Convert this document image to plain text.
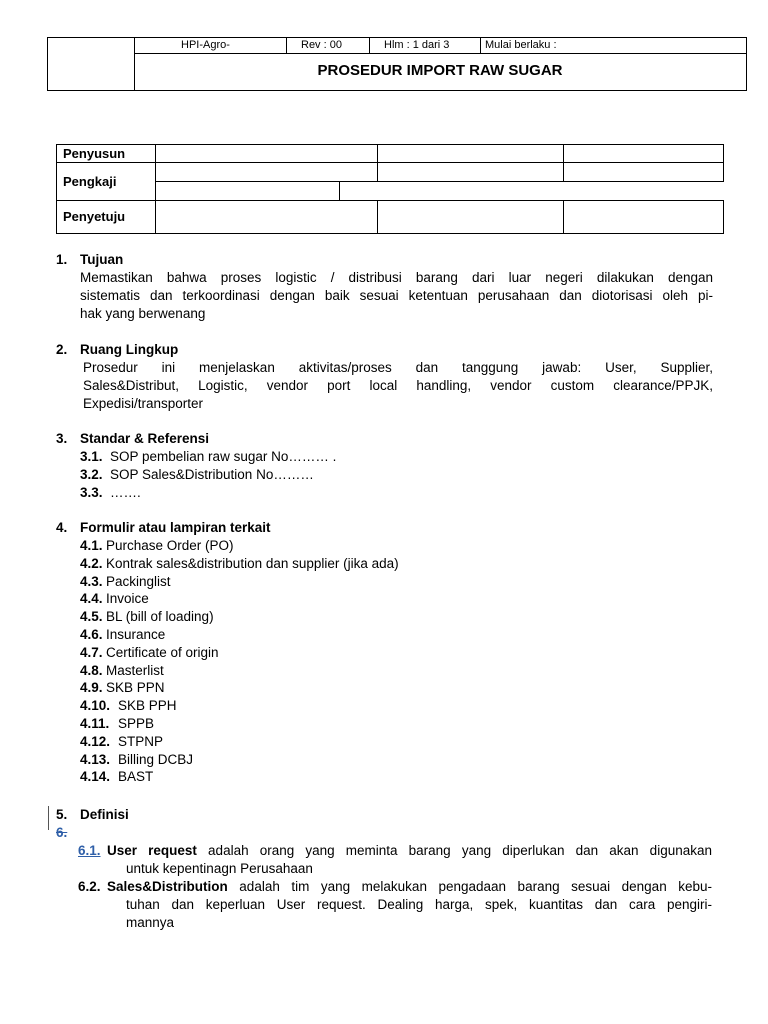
HPI-Agro-	Rev : 00	Hlm : 1 dari 3	Mulai berlaku :
PROSEDUR IMPORT RAW SUGAR
Penyusun
Pengkaji
Penyetuju
1. Tujuan
Memastikan bahwa proses logistic / distribusi barang dari luar negeri dilakukan dengan
sistematis dan terkoordinasi dengan baik sesuai ketentuan perusahaan dan diotorisasi oleh pi-
hak yang berwenang
2. Ruang Lingkup
Prosedur ini menjelaskan aktivitas/proses dan tanggung jawab: User, Supplier,
Sales&Distribut, Logistic, vendor port local handling, vendor custom clearance/PPJK,
Expedisi/transporter
3. Standar & Referensi
3.1. SOP pembelian raw sugar No……… .
3.2. SOP Sales&Distribution No………
3.3. …….
4. Formulir atau lampiran terkait
4.1. Purchase Order (PO)
4.2. Kontrak sales&distribution dan supplier (jika ada)
4.3. Packinglist
4.4. Invoice
4.5. BL (bill of loading)
4.6. Insurance
4.7. Certificate of origin
4.8. Masterlist
4.9. SKB PPN
4.10. SKB PPH
4.11. SPPB
4.12. STPNP
4.13. Billing DCBJ
4.14. BAST
5. Definisi
6.
6.1. User request adalah orang yang meminta barang yang diperlukan dan akan digunakan
untuk kepentinagn Perusahaan
6.2. Sales&Distribution adalah tim yang melakukan pengadaan barang sesuai dengan kebu-
tuhan dan keperluan User request. Dealing harga, spek, kuantitas dan cara pengiri-
mannya
